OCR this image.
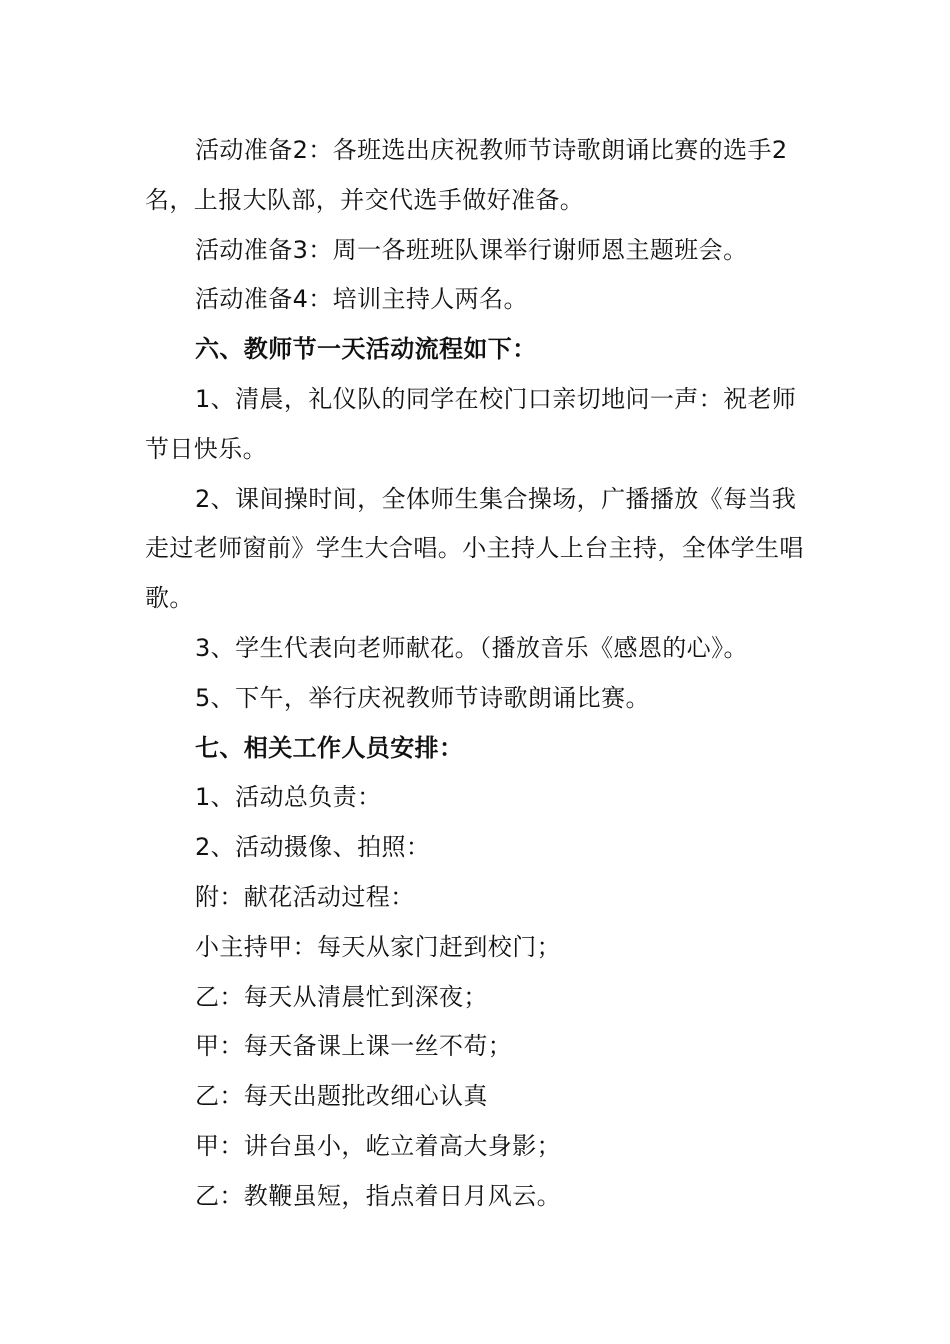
活动准备2：各班选出庆祝教师节诗歌朗诵比赛的选手2名，上报大队部，并交代选手做好准备。

活动准备3：周一各班班队课举行谢师恩主题班会。

活动准备4：培训主持人两名。

六、教师节一天活动流程如下：

1、清晨，礼仪队的同学在校门口亲切地问一声：祝老师节日快乐。

2、课间操时间，全体师生集合操场，广播播放《每当我走过老师窗前》学生大合唱。小主持人上台主持，全体学生唱歌。

3、学生代表向老师献花。（播放音乐《感恩的心》。

5、下午，举行庆祝教师节诗歌朗诵比赛。

七、相关工作人员安排：

1、活动总负责：

2、活动摄像、拍照：

附：献花活动过程：

小主持甲：每天从家门赶到校门；

乙：每天从清晨忙到深夜；

甲：每天备课上课一丝不苟；

乙：每天出题批改细心认真

甲：讲台虽小，屹立着高大身影；

乙：教鞭虽短，指点着日月风云。
